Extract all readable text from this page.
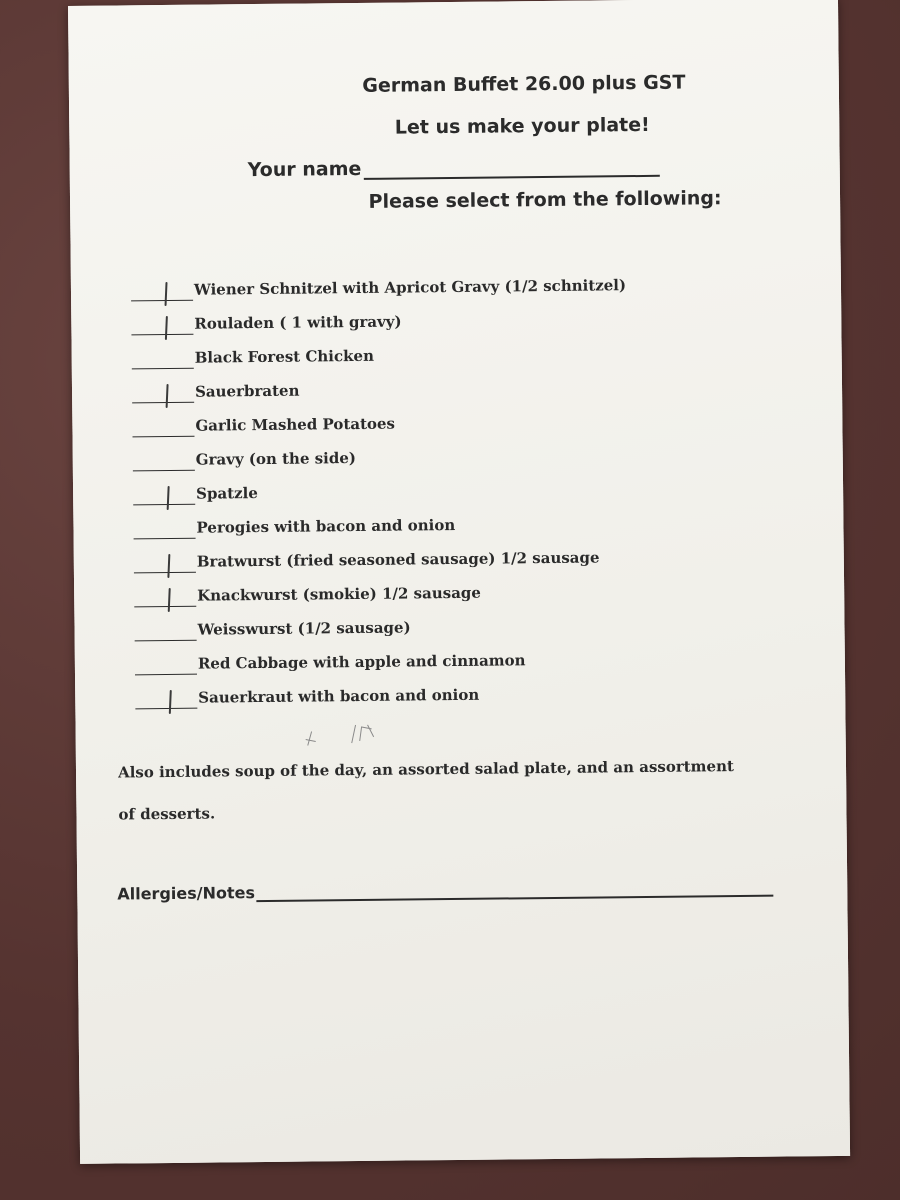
German Buffet 26.00 plus GST
Let us make your plate!
Your name
Please select from the following:
Wiener Schnitzel with Apricot Gravy (1/2 schnitzel)
Rouladen ( 1 with gravy)
Black Forest Chicken
Sauerbraten
Garlic Mashed Potatoes
Gravy (on the side)
Spatzle
Perogies with bacon and onion
Bratwurst (fried seasoned sausage) 1/2 sausage
Knackwurst (smokie) 1/2 sausage
Weisswurst (1/2 sausage)
Red Cabbage with apple and cinnamon
Sauerkraut with bacon and onion
Also includes soup of the day, an assorted salad plate, and an assortment
of desserts.
Allergies/Notes
